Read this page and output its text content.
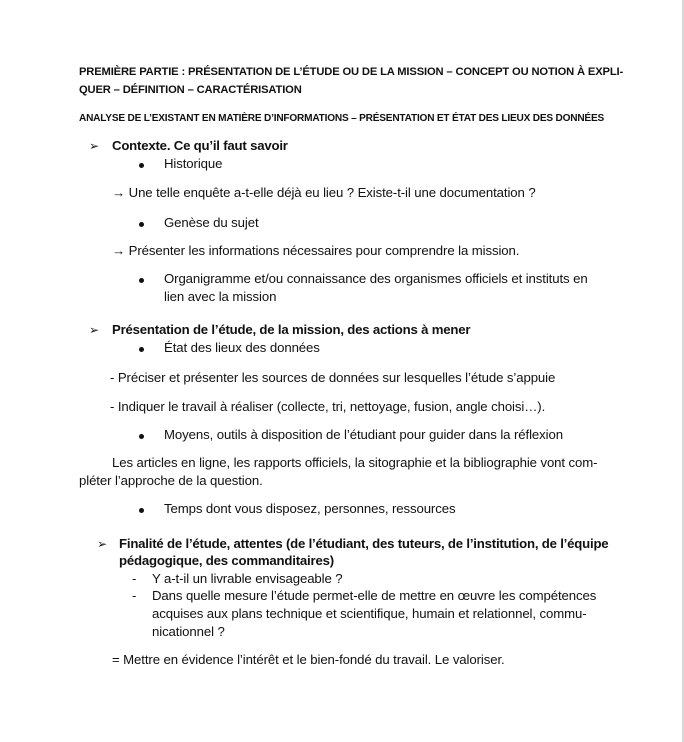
PREMIÈRE PARTIE : PRÉSENTATION DE L’ÉTUDE OU DE LA MISSION – CONCEPT OU NOTION À EXPLI-
QUER – DÉFINITION – CARACTÉRISATION
ANALYSE DE L’EXISTANT EN MATIÈRE D’INFORMATIONS – PRÉSENTATION ET ÉTAT DES LIEUX DES DONNÉES
➢ Contexte. Ce qu’il faut savoir
Historique
→ Une telle enquête a-t-elle déjà eu lieu ? Existe-t-il une documentation ?
Genèse du sujet
→ Présenter les informations nécessaires pour comprendre la mission.
Organigramme et/ou connaissance des organismes officiels et instituts en
lien avec la mission
➢ Présentation de l’étude, de la mission, des actions à mener
État des lieux des données
- Préciser et présenter les sources de données sur lesquelles l’étude s’appuie
- Indiquer le travail à réaliser (collecte, tri, nettoyage, fusion, angle choisi…).
Moyens, outils à disposition de l’étudiant pour guider dans la réflexion
Les articles en ligne, les rapports officiels, la sitographie et la bibliographie vont com-
pléter l’approche de la question.
Temps dont vous disposez, personnes, ressources
➢ Finalité de l’étude, attentes (de l’étudiant, des tuteurs, de l’institution, de l’équipe
pédagogique, des commanditaires)
- Y a-t-il un livrable envisageable ?
- Dans quelle mesure l’étude permet-elle de mettre en œuvre les compétences
acquises aux plans technique et scientifique, humain et relationnel, commu-
nicationnel ?
= Mettre en évidence l’intérêt et le bien-fondé du travail. Le valoriser.
